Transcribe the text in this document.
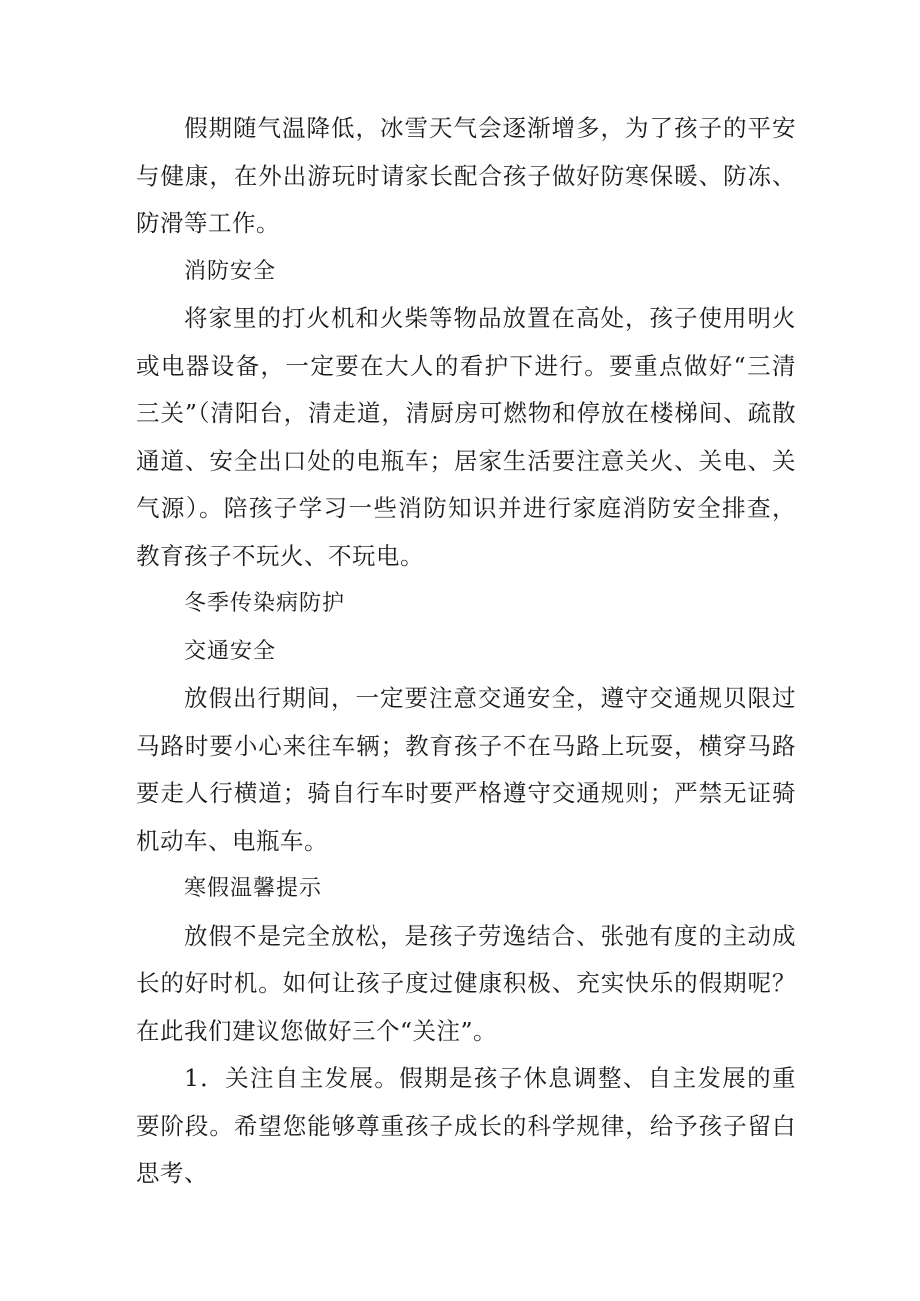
假期随气温降低，冰雪天气会逐渐增多，为了孩子的平安与健康，在外出游玩时请家长配合孩子做好防寒保暖、防冻、防滑等工作。

消防安全

将家里的打火机和火柴等物品放置在高处，孩子使用明火或电器设备，一定要在大人的看护下进行。要重点做好“三清三关”（清阳台，清走道，清厨房可燃物和停放在楼梯间、疏散通道、安全出口处的电瓶车；居家生活要注意关火、关电、关气源）。陪孩子学习一些消防知识并进行家庭消防安全排查，教育孩子不玩火、不玩电。

冬季传染病防护

交通安全

放假出行期间，一定要注意交通安全，遵守交通规贝限过马路时要小心来往车辆；教育孩子不在马路上玩耍，横穿马路要走人行横道；骑自行车时要严格遵守交通规则；严禁无证骑机动车、电瓶车。

寒假温馨提示

放假不是完全放松，是孩子劳逸结合、张弛有度的主动成长的好时机。如何让孩子度过健康积极、充实快乐的假期呢？在此我们建议您做好三个“关注”。

1．关注自主发展。假期是孩子休息调整、自主发展的重要阶段。希望您能够尊重孩子成长的科学规律，给予孩子留白思考、
